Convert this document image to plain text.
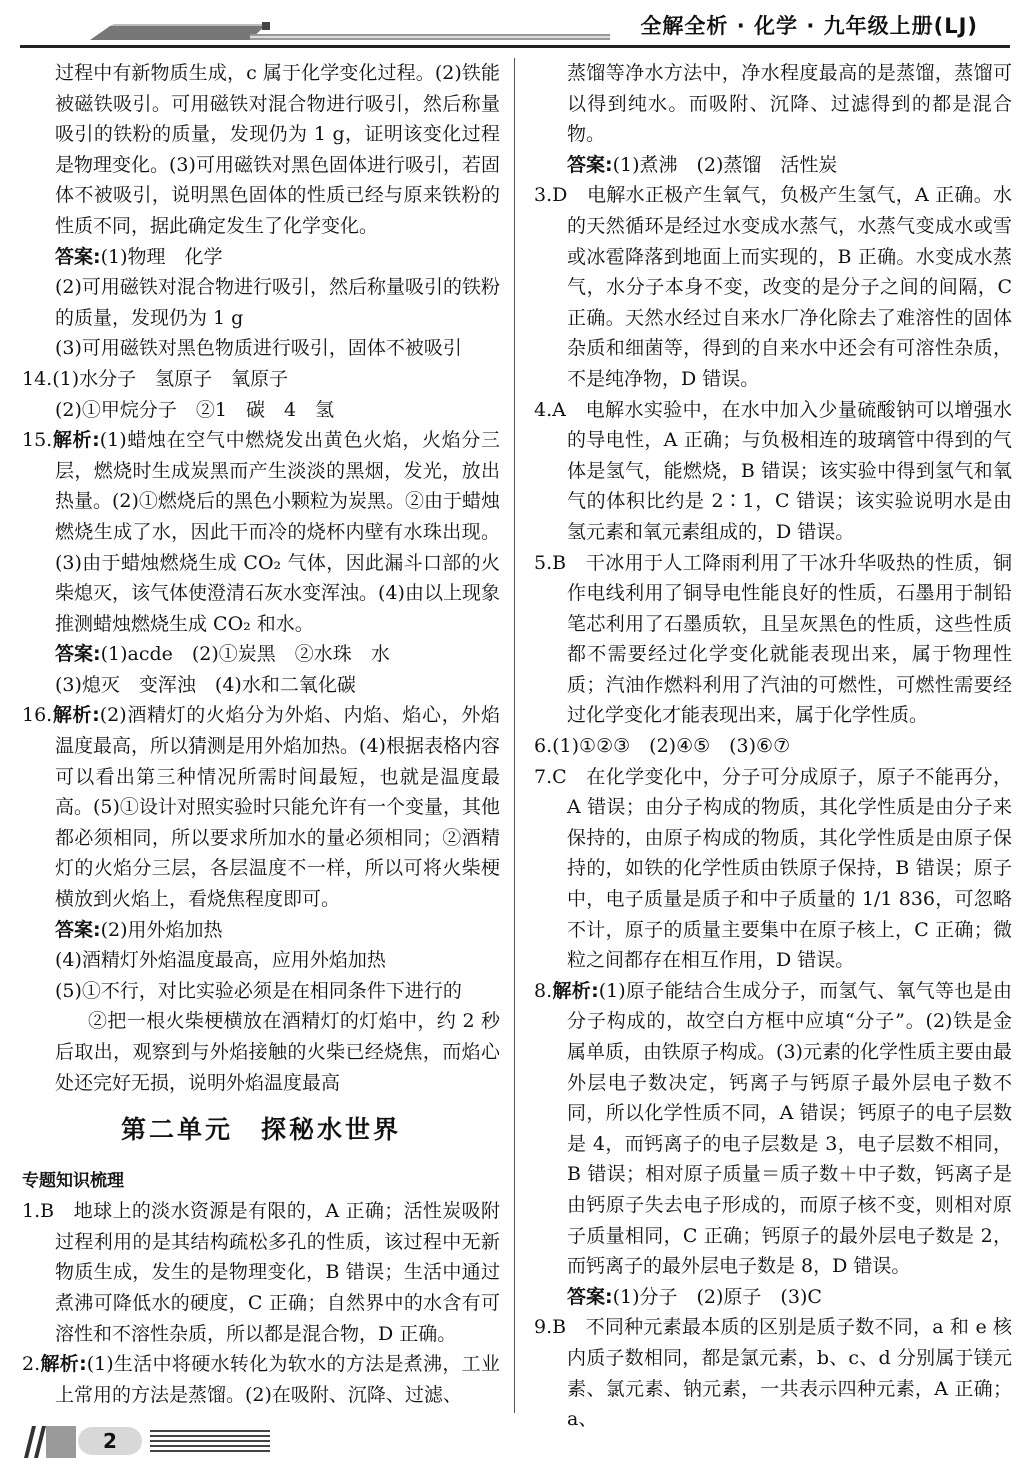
全解全析 · 化学 · 九年级上册(LJ)

过程中有新物质生成，c 属于化学变化过程。(2)铁能被磁铁吸引。可用磁铁对混合物进行吸引，然后称量吸引的铁粉的质量，发现仍为 1 g，证明该变化过程是物理变化。(3)可用磁铁对黑色固体进行吸引，若固体不被吸引，说明黑色固体的性质已经与原来铁粉的性质不同，据此确定发生了化学变化。

答案:(1)物理　化学

(2)可用磁铁对混合物进行吸引，然后称量吸引的铁粉的质量，发现仍为 1 g

(3)可用磁铁对黑色物质进行吸引，固体不被吸引

14.(1)水分子　氢原子　氧原子

(2)①甲烷分子　②1　碳　4　氢

15.解析:(1)蜡烛在空气中燃烧发出黄色火焰，火焰分三层，燃烧时生成炭黑而产生淡淡的黑烟，发光，放出热量。(2)①燃烧后的黑色小颗粒为炭黑。②由于蜡烛燃烧生成了水，因此干而冷的烧杯内壁有水珠出现。(3)由于蜡烛燃烧生成 CO₂ 气体，因此漏斗口部的火柴熄灭，该气体使澄清石灰水变浑浊。(4)由以上现象推测蜡烛燃烧生成 CO₂ 和水。

答案:(1)acde　(2)①炭黑　②水珠　水

(3)熄灭　变浑浊　(4)水和二氧化碳

16.解析:(2)酒精灯的火焰分为外焰、内焰、焰心，外焰温度最高，所以猜测是用外焰加热。(4)根据表格内容可以看出第三种情况所需时间最短，也就是温度最高。(5)①设计对照实验时只能允许有一个变量，其他都必须相同，所以要求所加水的量必须相同；②酒精灯的火焰分三层，各层温度不一样，所以可将火柴梗横放到火焰上，看烧焦程度即可。

答案:(2)用外焰加热

(4)酒精灯外焰温度最高，应用外焰加热

(5)①不行，对比实验必须是在相同条件下进行的

②把一根火柴梗横放在酒精灯的灯焰中，约 2 秒后取出，观察到与外焰接触的火柴已经烧焦，而焰心处还完好无损，说明外焰温度最高

第二单元　探秘水世界

专题知识梳理

1.B　地球上的淡水资源是有限的，A 正确；活性炭吸附过程利用的是其结构疏松多孔的性质，该过程中无新物质生成，发生的是物理变化，B 错误；生活中通过煮沸可降低水的硬度，C 正确；自然界中的水含有可溶性和不溶性杂质，所以都是混合物，D 正确。

2.解析:(1)生活中将硬水转化为软水的方法是煮沸，工业上常用的方法是蒸馏。(2)在吸附、沉降、过滤、

蒸馏等净水方法中，净水程度最高的是蒸馏，蒸馏可以得到纯水。而吸附、沉降、过滤得到的都是混合物。

答案:(1)煮沸　(2)蒸馏　活性炭

3.D　电解水正极产生氧气，负极产生氢气，A 正确。水的天然循环是经过水变成水蒸气，水蒸气变成水或雪或冰雹降落到地面上而实现的，B 正确。水变成水蒸气，水分子本身不变，改变的是分子之间的间隔，C 正确。天然水经过自来水厂净化除去了难溶性的固体杂质和细菌等，得到的自来水中还会有可溶性杂质，不是纯净物，D 错误。

4.A　电解水实验中，在水中加入少量硫酸钠可以增强水的导电性，A 正确；与负极相连的玻璃管中得到的气体是氢气，能燃烧，B 错误；该实验中得到氢气和氧气的体积比约是 2∶1，C 错误；该实验说明水是由氢元素和氧元素组成的，D 错误。

5.B　干冰用于人工降雨利用了干冰升华吸热的性质，铜作电线利用了铜导电性能良好的性质，石墨用于制铅笔芯利用了石墨质软，且呈灰黑色的性质，这些性质都不需要经过化学变化就能表现出来，属于物理性质；汽油作燃料利用了汽油的可燃性，可燃性需要经过化学变化才能表现出来，属于化学性质。

6.(1)①②③　(2)④⑤　(3)⑥⑦

7.C　在化学变化中，分子可分成原子，原子不能再分，A 错误；由分子构成的物质，其化学性质是由分子来保持的，由原子构成的物质，其化学性质是由原子保持的，如铁的化学性质由铁原子保持，B 错误；原子中，电子质量是质子和中子质量的 1/1 836，可忽略不计，原子的质量主要集中在原子核上，C 正确；微粒之间都存在相互作用，D 错误。

8.解析:(1)原子能结合生成分子，而氢气、氧气等也是由分子构成的，故空白方框中应填“分子”。(2)铁是金属单质，由铁原子构成。(3)元素的化学性质主要由最外层电子数决定，钙离子与钙原子最外层电子数不同，所以化学性质不同，A 错误；钙原子的电子层数是 4，而钙离子的电子层数是 3，电子层数不相同，B 错误；相对原子质量＝质子数＋中子数，钙离子是由钙原子失去电子形成的，而原子核不变，则相对原子质量相同，C 正确；钙原子的最外层电子数是 2，而钙离子的最外层电子数是 8，D 错误。

答案:(1)分子　(2)原子　(3)C

9.B　不同种元素最本质的区别是质子数不同，a 和 e 核内质子数相同，都是氯元素，b、c、d 分别属于镁元素、氯元素、钠元素，一共表示四种元素，A 正确；a、

2
